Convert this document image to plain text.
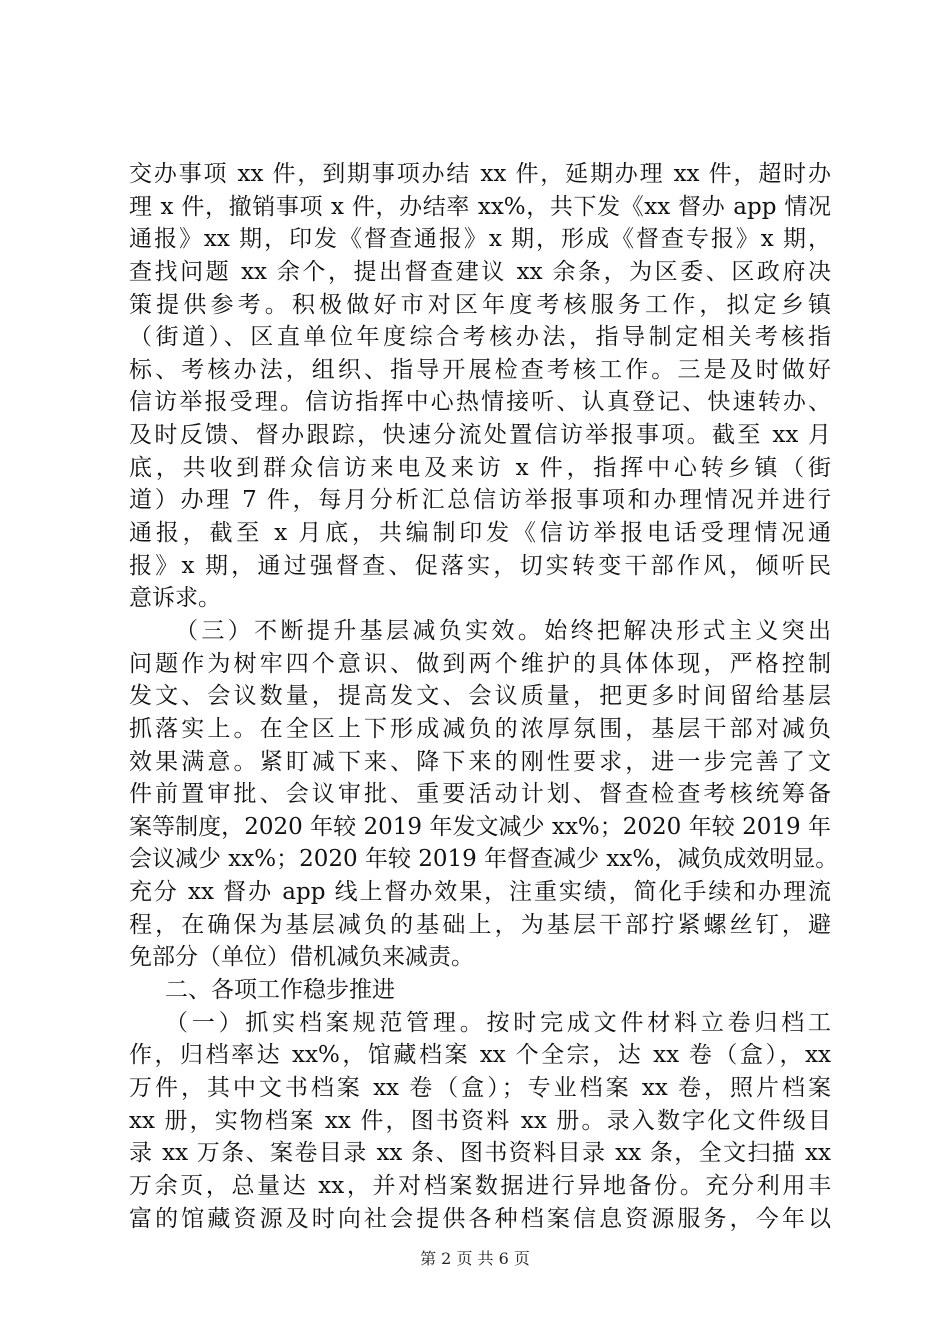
交办事项 xx 件，到期事项办结 xx 件，延期办理 xx 件，超时办
理 x 件，撤销事项 x 件，办结率 xx%，共下发《xx 督办 app 情况
通报》xx 期，印发《督查通报》x 期，形成《督查专报》x 期，
查找问题 xx 余个，提出督查建议 xx 余条，为区委、区政府决
策提供参考。积极做好市对区年度考核服务工作，拟定乡镇
（街道）、区直单位年度综合考核办法，指导制定相关考核指
标、考核办法，组织、指导开展检查考核工作。三是及时做好
信访举报受理。信访指挥中心热情接听、认真登记、快速转办、
及时反馈、督办跟踪，快速分流处置信访举报事项。截至 xx 月
底，共收到群众信访来电及来访 x 件，指挥中心转乡镇（街
道）办理 7 件，每月分析汇总信访举报事项和办理情况并进行
通报，截至 x 月底，共编制印发《信访举报电话受理情况通
报》x 期，通过强督查、促落实，切实转变干部作风，倾听民
意诉求。
（三）不断提升基层减负实效。始终把解决形式主义突出
问题作为树牢四个意识、做到两个维护的具体体现，严格控制
发文、会议数量，提高发文、会议质量，把更多时间留给基层
抓落实上。在全区上下形成减负的浓厚氛围，基层干部对减负
效果满意。紧盯减下来、降下来的刚性要求，进一步完善了文
件前置审批、会议审批、重要活动计划、督查检查考核统筹备
案等制度，2020 年较 2019 年发文减少 xx%；2020 年较 2019 年
会议减少 xx%；2020 年较 2019 年督查减少 xx%，减负成效明显。
充分 xx 督办 app 线上督办效果，注重实绩，简化手续和办理流
程，在确保为基层减负的基础上，为基层干部拧紧螺丝钉，避
免部分（单位）借机减负来减责。
二、各项工作稳步推进
（一）抓实档案规范管理。按时完成文件材料立卷归档工
作，归档率达 xx%，馆藏档案 xx 个全宗，达 xx 卷（盒），xx
万件，其中文书档案 xx 卷（盒）；专业档案 xx 卷，照片档案
xx 册，实物档案 xx 件，图书资料 xx 册。录入数字化文件级目
录 xx 万条、案卷目录 xx 条、图书资料目录 xx 条，全文扫描 xx
万余页，总量达 xx，并对档案数据进行异地备份。充分利用丰
富的馆藏资源及时向社会提供各种档案信息资源服务，今年以
第 2 页 共 6 页
